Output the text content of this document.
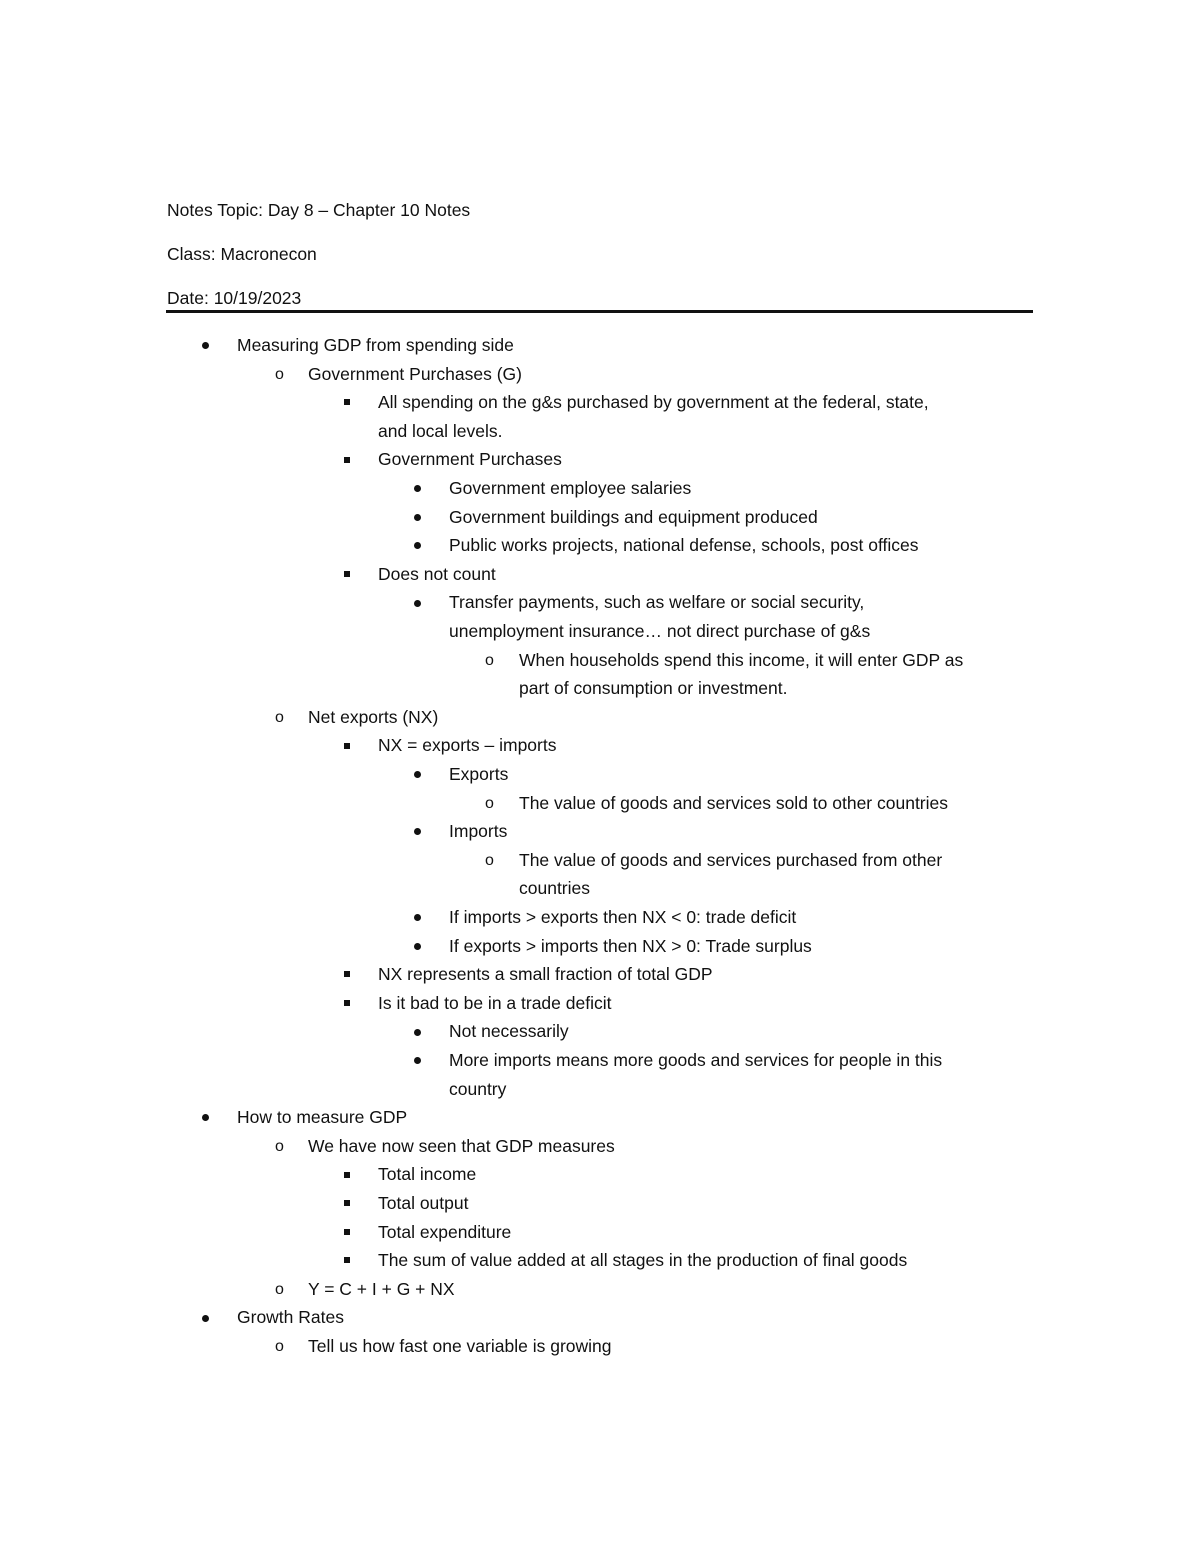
Notes Topic: Day 8 – Chapter 10 Notes
Class: Macronecon
Date: 10/19/2023
Measuring GDP from spending side
o Government Purchases (G)
All spending on the g&s purchased by government at the federal, state,
and local levels.
Government Purchases
Government employee salaries
Government buildings and equipment produced
Public works projects, national defense, schools, post offices
Does not count
Transfer payments, such as welfare or social security,
unemployment insurance… not direct purchase of g&s
o When households spend this income, it will enter GDP as
part of consumption or investment.
o Net exports (NX)
NX = exports – imports
Exports
o The value of goods and services sold to other countries
Imports
o The value of goods and services purchased from other
countries
If imports > exports then NX < 0: trade deficit
If exports > imports then NX > 0: Trade surplus
NX represents a small fraction of total GDP
Is it bad to be in a trade deficit
Not necessarily
More imports means more goods and services for people in this
country
How to measure GDP
o We have now seen that GDP measures
Total income
Total output
Total expenditure
The sum of value added at all stages in the production of final goods
o Y = C + I + G + NX
Growth Rates
o Tell us how fast one variable is growing
